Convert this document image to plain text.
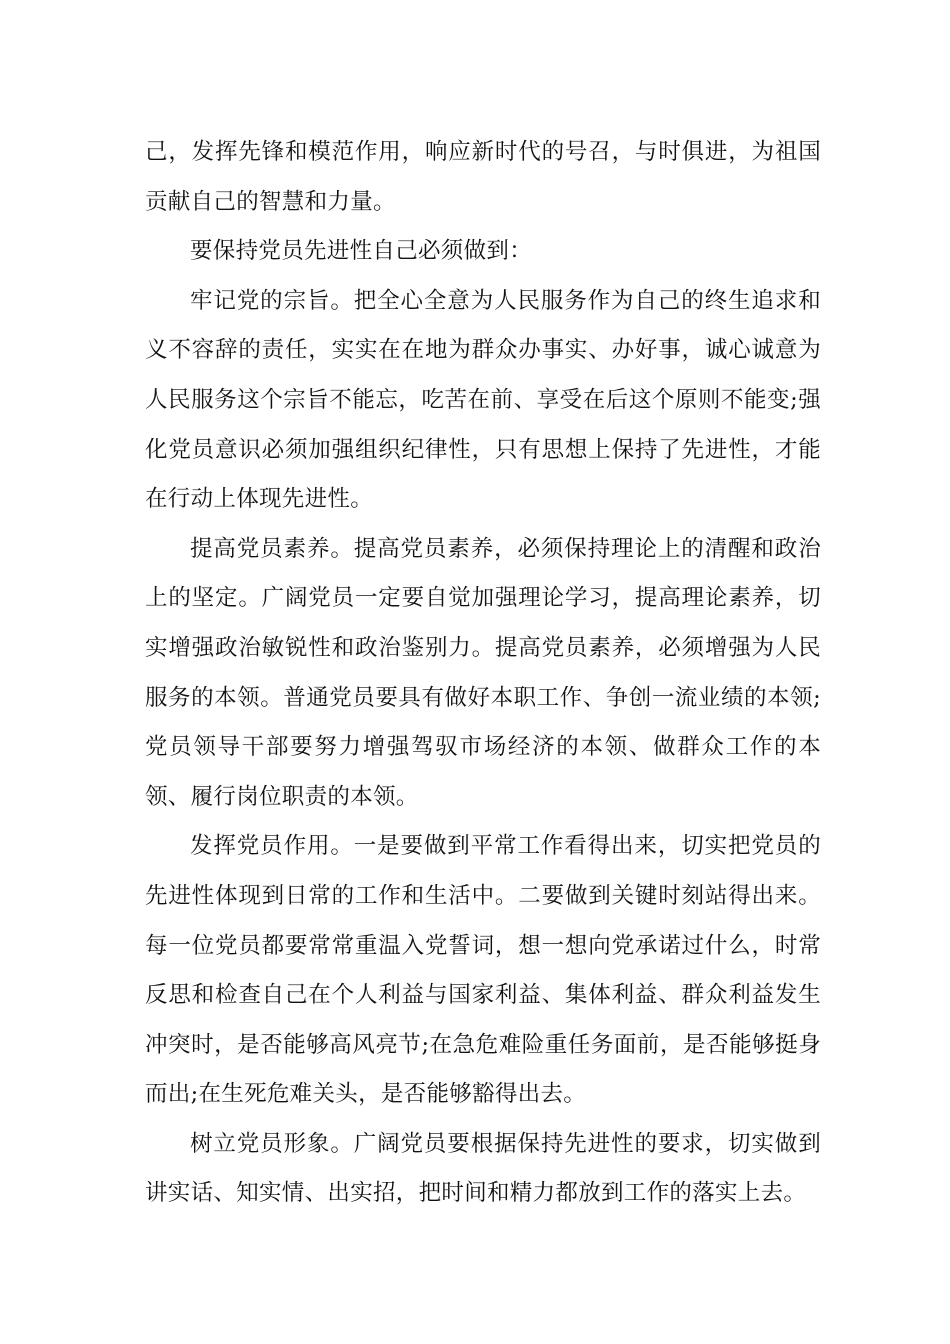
己，发挥先锋和模范作用，响应新时代的号召，与时俱进，为祖国贡献自己的智慧和力量。

要保持党员先进性自己必须做到：

牢记党的宗旨。把全心全意为人民服务作为自己的终生追求和义不容辞的责任，实实在在地为群众办事实、办好事，诚心诚意为人民服务这个宗旨不能忘，吃苦在前、享受在后这个原则不能变;强化党员意识必须加强组织纪律性，只有思想上保持了先进性，才能在行动上体现先进性。

提高党员素养。提高党员素养，必须保持理论上的清醒和政治上的坚定。广阔党员一定要自觉加强理论学习，提高理论素养，切实增强政治敏锐性和政治鉴别力。提高党员素养，必须增强为人民服务的本领。普通党员要具有做好本职工作、争创一流业绩的本领;党员领导干部要努力增强驾驭市场经济的本领、做群众工作的本领、履行岗位职责的本领。

发挥党员作用。一是要做到平常工作看得出来，切实把党员的先进性体现到日常的工作和生活中。二要做到关键时刻站得出来。每一位党员都要常常重温入党誓词，想一想向党承诺过什么，时常反思和检查自己在个人利益与国家利益、集体利益、群众利益发生冲突时，是否能够高风亮节;在急危难险重任务面前，是否能够挺身而出;在生死危难关头，是否能够豁得出去。

树立党员形象。广阔党员要根据保持先进性的要求，切实做到讲实话、知实情、出实招，把时间和精力都放到工作的落实上去。
